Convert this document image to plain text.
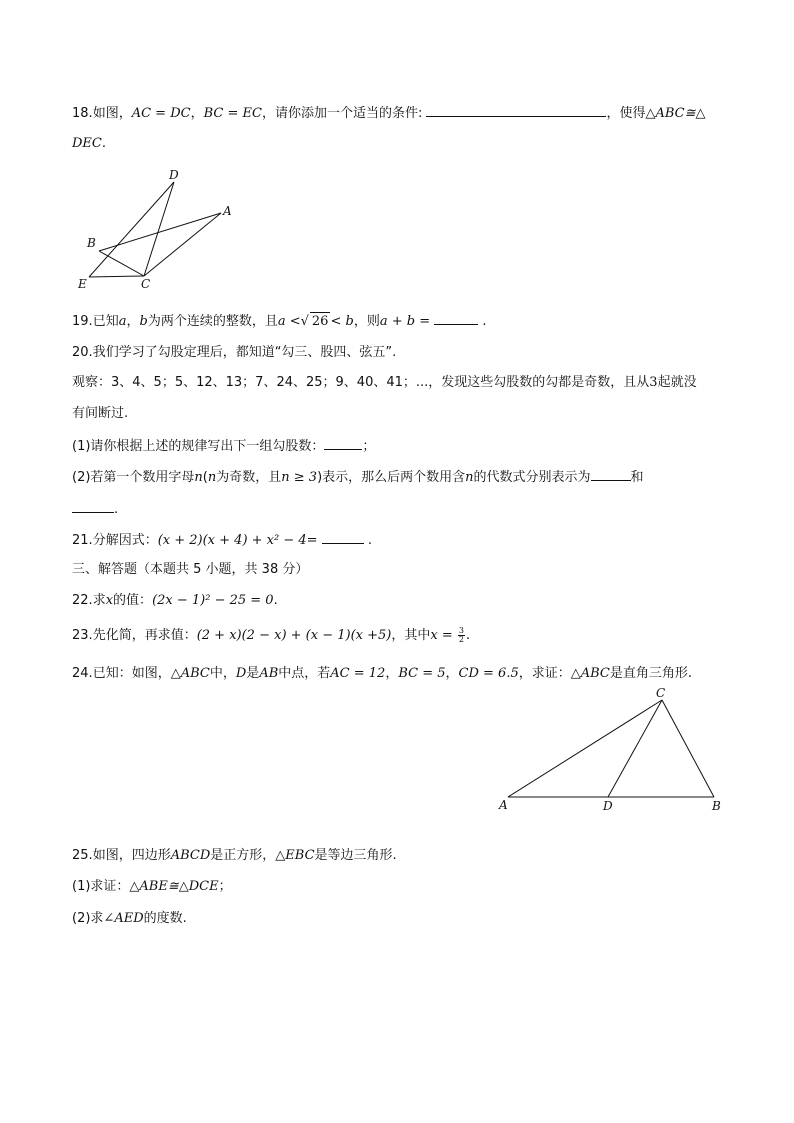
18.如图，AC = DC，BC = EC，请你添加一个适当的条件:	，使得△ABC≅△
DEC.
D
A
B
E	C
19.已知a，b为两个连续的整数，且a <√ 26 < b，则a + b =	.
20.我们学习了勾股定理后，都知道“勾三、股四、弦五”.
观察：3、4、5；5、12、13；7、24、25；9、40、41；...，发现这些勾股数的勾都是奇数，且从3起就没
有间断过.
(1)请你根据上述的规律写出下一组勾股数：	；
(2)若第一个数用字母n(n为奇数，且n ≥ 3)表示，那么后两个数用含n的代数式分别表示为	和
.
21.分解因式：(x + 2)(x + 4) + x² − 4=	.
三、解答题（本题共 5 小题，共 38 分）
22.求x的值：(2x − 1)² − 25 = 0.
23.先化简，再求值：(2 + x)(2 − x) + (x − 1)(x +5)，其中$x = \frac{3}{2}$ .
24.已知：如图，△ABC中，D是AB中点，若AC = 12，BC = 5，CD = 6.5，求证：△ABC是直角三角形.
C
A	D	B
25.如图，四边形ABCD是正方形，△EBC是等边三角形.
(1)求证：△ABE≅△DCE；
(2)求∠AED的度数.
